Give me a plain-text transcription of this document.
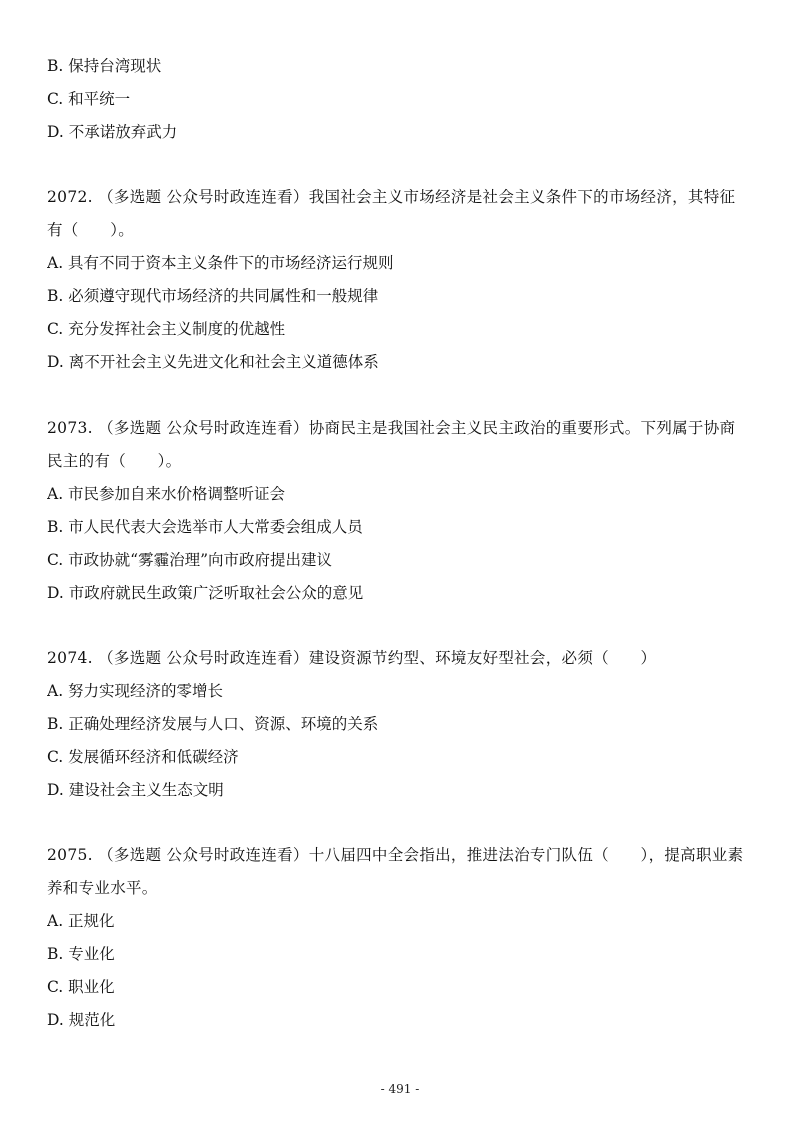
B. 保持台湾现状
C. 和平统一
D. 不承诺放弃武力
2072. （多选题 公众号时政连连看）我国社会主义市场经济是社会主义条件下的市场经济，其特征
有（　　）。
A. 具有不同于资本主义条件下的市场经济运行规则
B. 必须遵守现代市场经济的共同属性和一般规律
C. 充分发挥社会主义制度的优越性
D. 离不开社会主义先进文化和社会主义道德体系
2073. （多选题 公众号时政连连看）协商民主是我国社会主义民主政治的重要形式。下列属于协商
民主的有（　　）。
A. 市民参加自来水价格调整听证会
B. 市人民代表大会选举市人大常委会组成人员
C. 市政协就“雾霾治理”向市政府提出建议
D. 市政府就民生政策广泛听取社会公众的意见
2074. （多选题 公众号时政连连看）建设资源节约型、环境友好型社会，必须（　　）
A. 努力实现经济的零增长
B. 正确处理经济发展与人口、资源、环境的关系
C. 发展循环经济和低碳经济
D. 建设社会主义生态文明
2075. （多选题 公众号时政连连看）十八届四中全会指出，推进法治专门队伍（　　），提高职业素
养和专业水平。
A. 正规化
B. 专业化
C. 职业化
D. 规范化
- 491 -
